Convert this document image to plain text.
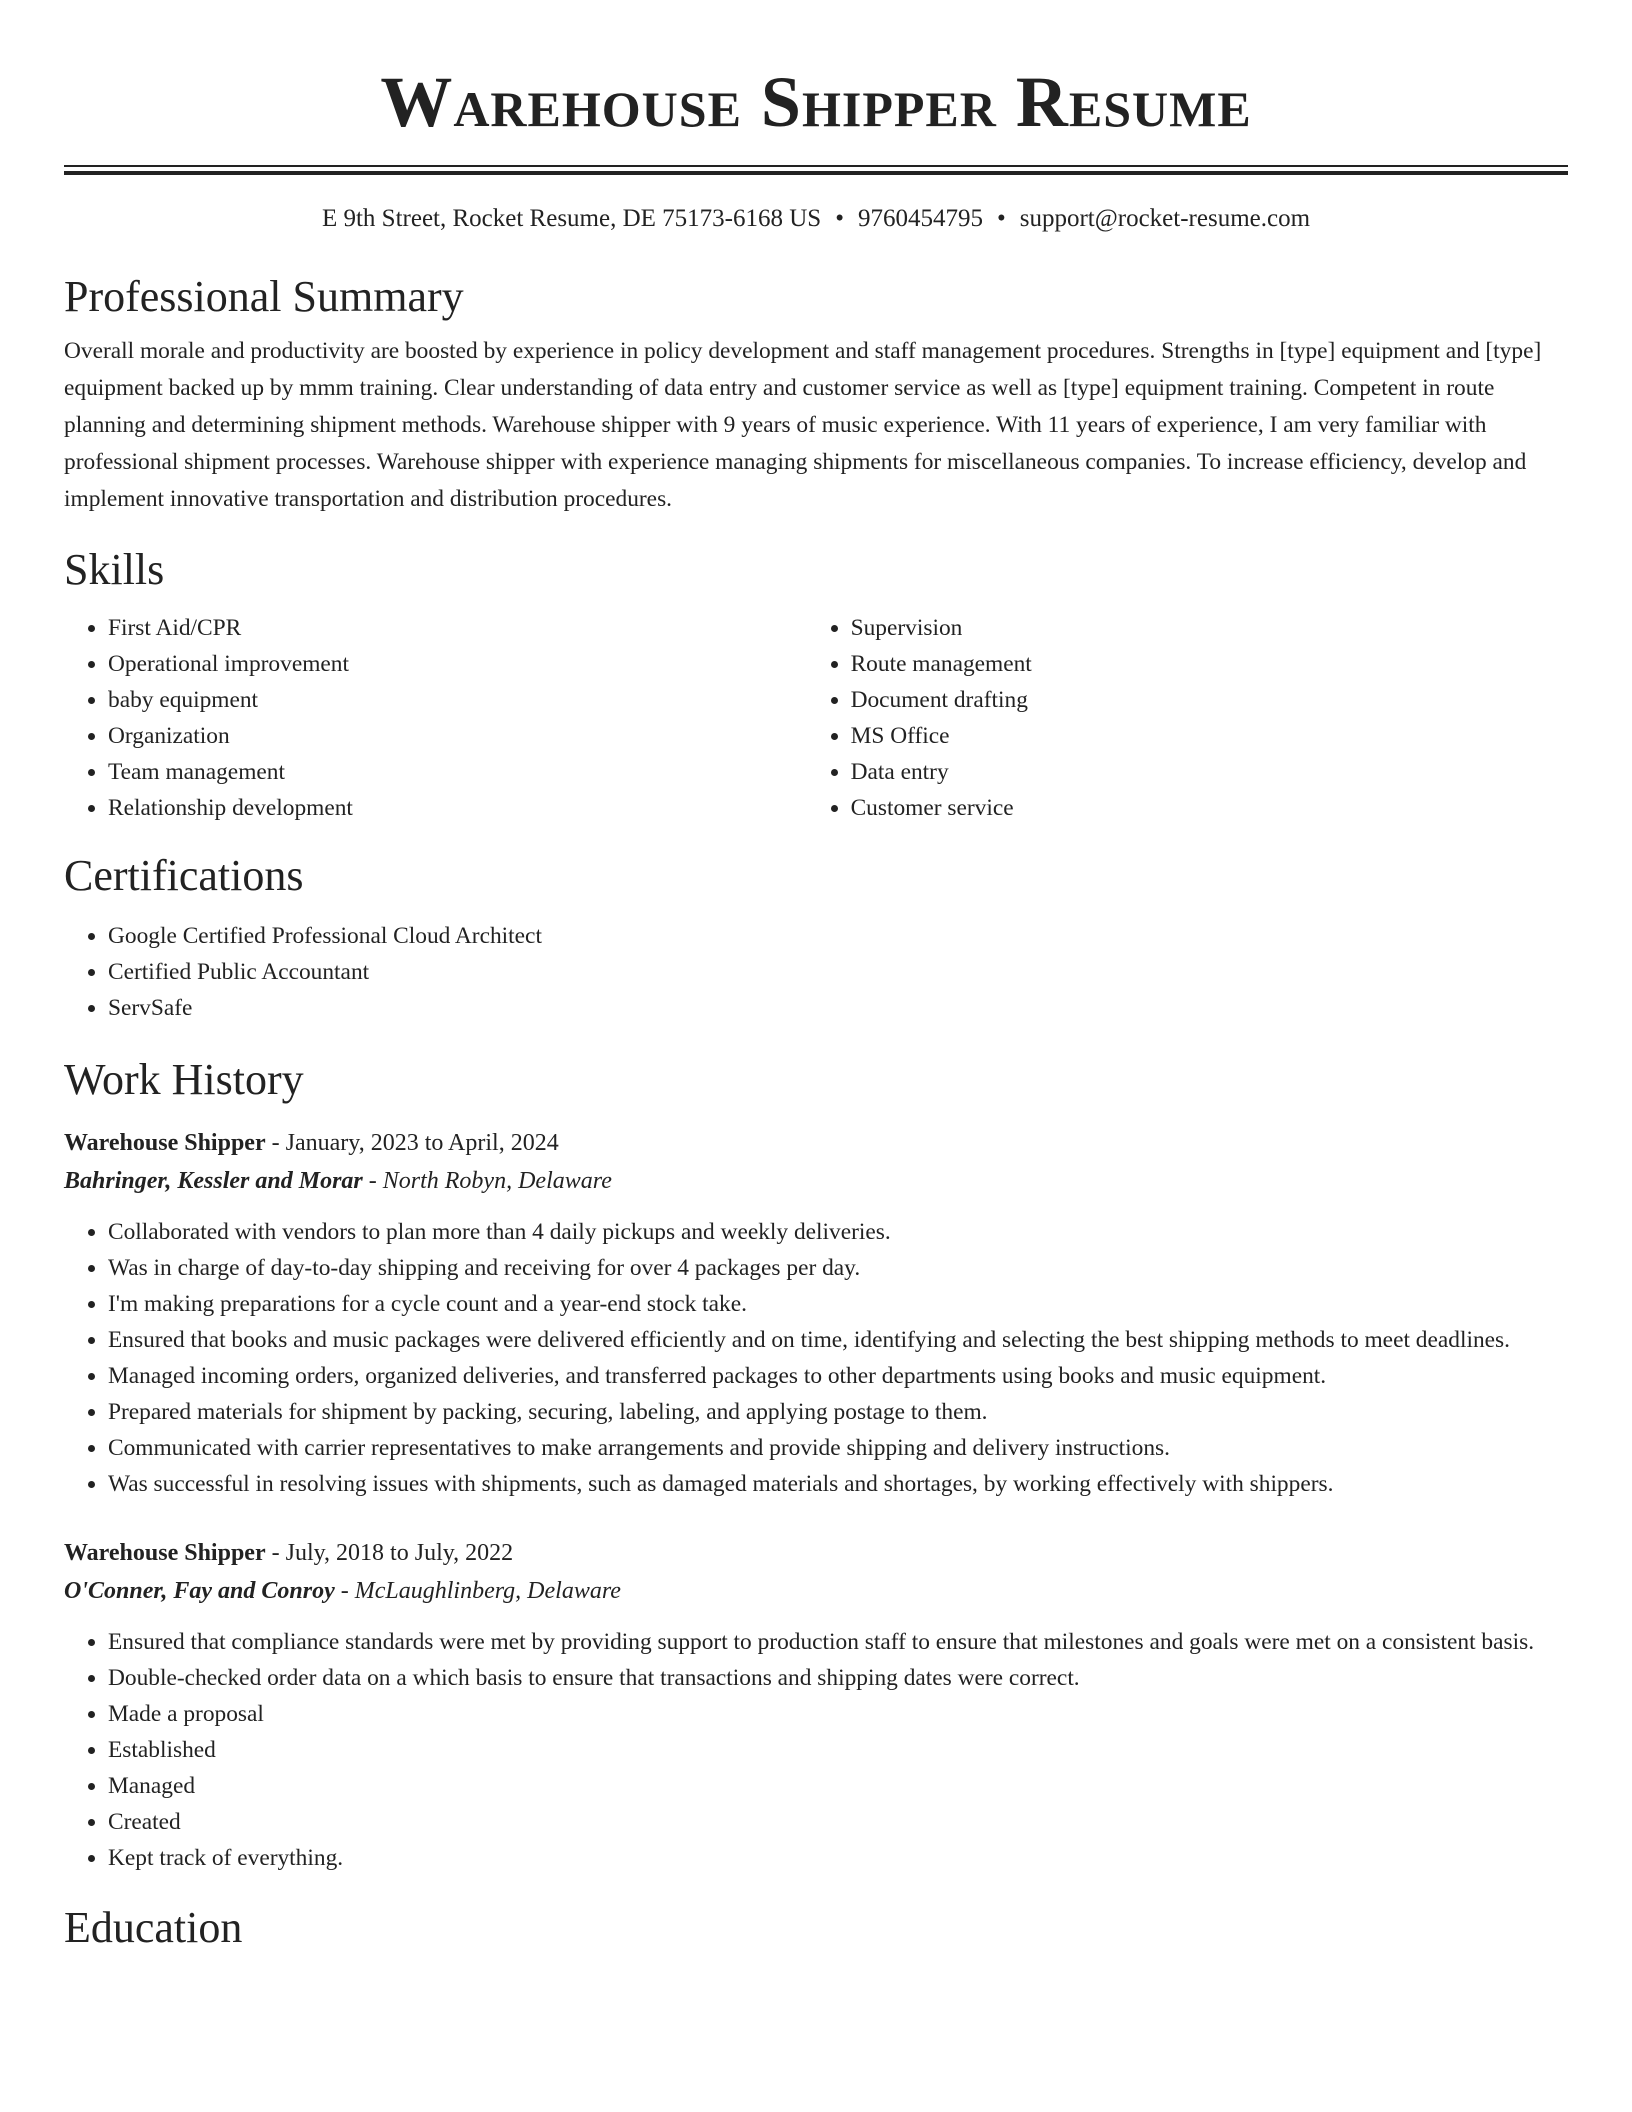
Warehouse Shipper Resume
E 9th Street, Rocket Resume, DE 75173-6168 US • 9760454795 • support@rocket-resume.com
Professional Summary

Overall morale and productivity are boosted by experience in policy development and staff management procedures. Strengths in [type] equipment and [type] equipment backed up by mmm training. Clear understanding of data entry and customer service as well as [type] equipment training. Competent in route planning and determining shipment methods. Warehouse shipper with 9 years of music experience. With 11 years of experience, I am very familiar with professional shipment processes. Warehouse shipper with experience managing shipments for miscellaneous companies. To increase efficiency, develop and implement innovative transportation and distribution procedures.

Skills
• First Aid/CPR
• Operational improvement
• baby equipment
• Organization
• Team management
• Relationship development
• Supervision
• Route management
• Document drafting
• MS Office
• Data entry
• Customer service
Certifications
• Google Certified Professional Cloud Architect
• Certified Public Accountant
• ServSafe
Work History
Warehouse Shipper - January, 2023 to April, 2024
Bahringer, Kessler and Morar - North Robyn, Delaware
• Collaborated with vendors to plan more than 4 daily pickups and weekly deliveries.
• Was in charge of day-to-day shipping and receiving for over 4 packages per day.
• I'm making preparations for a cycle count and a year-end stock take.
• Ensured that books and music packages were delivered efficiently and on time, identifying and selecting the best shipping methods to meet deadlines.
• Managed incoming orders, organized deliveries, and transferred packages to other departments using books and music equipment.
• Prepared materials for shipment by packing, securing, labeling, and applying postage to them.
• Communicated with carrier representatives to make arrangements and provide shipping and delivery instructions.
• Was successful in resolving issues with shipments, such as damaged materials and shortages, by working effectively with shippers.
Warehouse Shipper - July, 2018 to July, 2022
O'Conner, Fay and Conroy - McLaughlinberg, Delaware
• Ensured that compliance standards were met by providing support to production staff to ensure that milestones and goals were met on a consistent basis.
• Double-checked order data on a which basis to ensure that transactions and shipping dates were correct.
• Made a proposal
• Established
• Managed
• Created
• Kept track of everything.
Education
